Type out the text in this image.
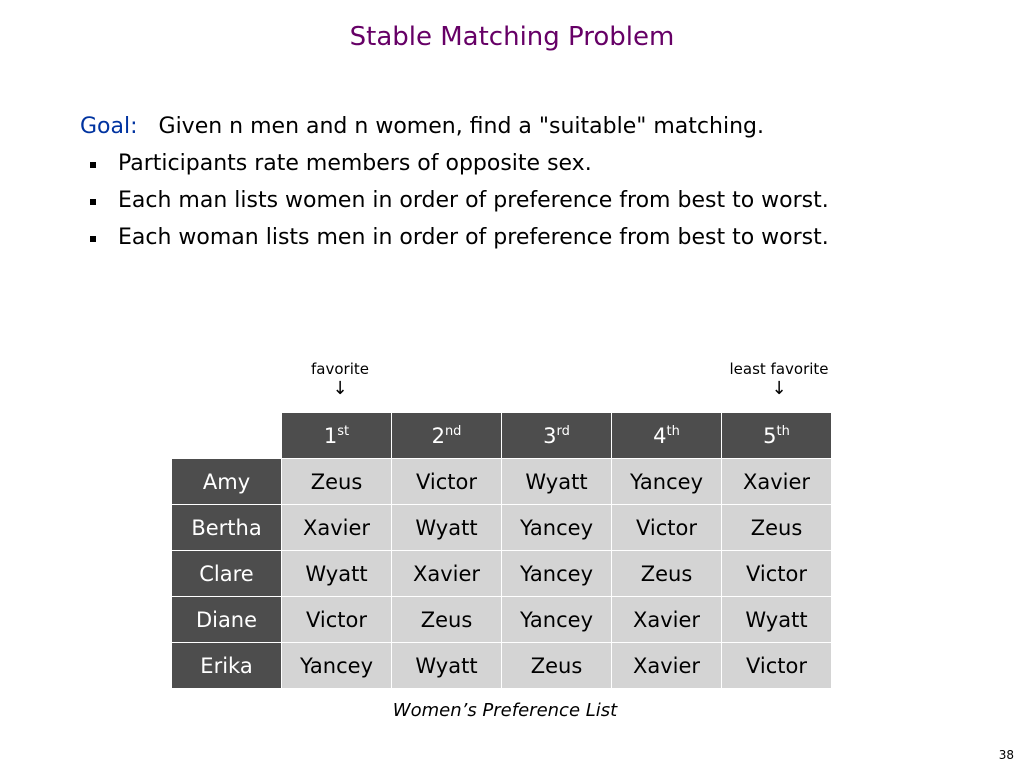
Stable Matching Problem
Goal: Given n men and n women, find a "suitable" matching.
Participants rate members of opposite sex.
Each man lists women in order of preference from best to worst.
Each woman lists men in order of preference from best to worst.
favorite
↓
least favorite
↓
	1st	2nd	3rd	4th	5th
Amy	Zeus	Victor	Wyatt	Yancey	Xavier
Bertha	Xavier	Wyatt	Yancey	Victor	Zeus
Clare	Wyatt	Xavier	Yancey	Zeus	Victor
Diane	Victor	Zeus	Yancey	Xavier	Wyatt
Erika	Yancey	Wyatt	Zeus	Xavier	Victor
Women’s Preference List
38
